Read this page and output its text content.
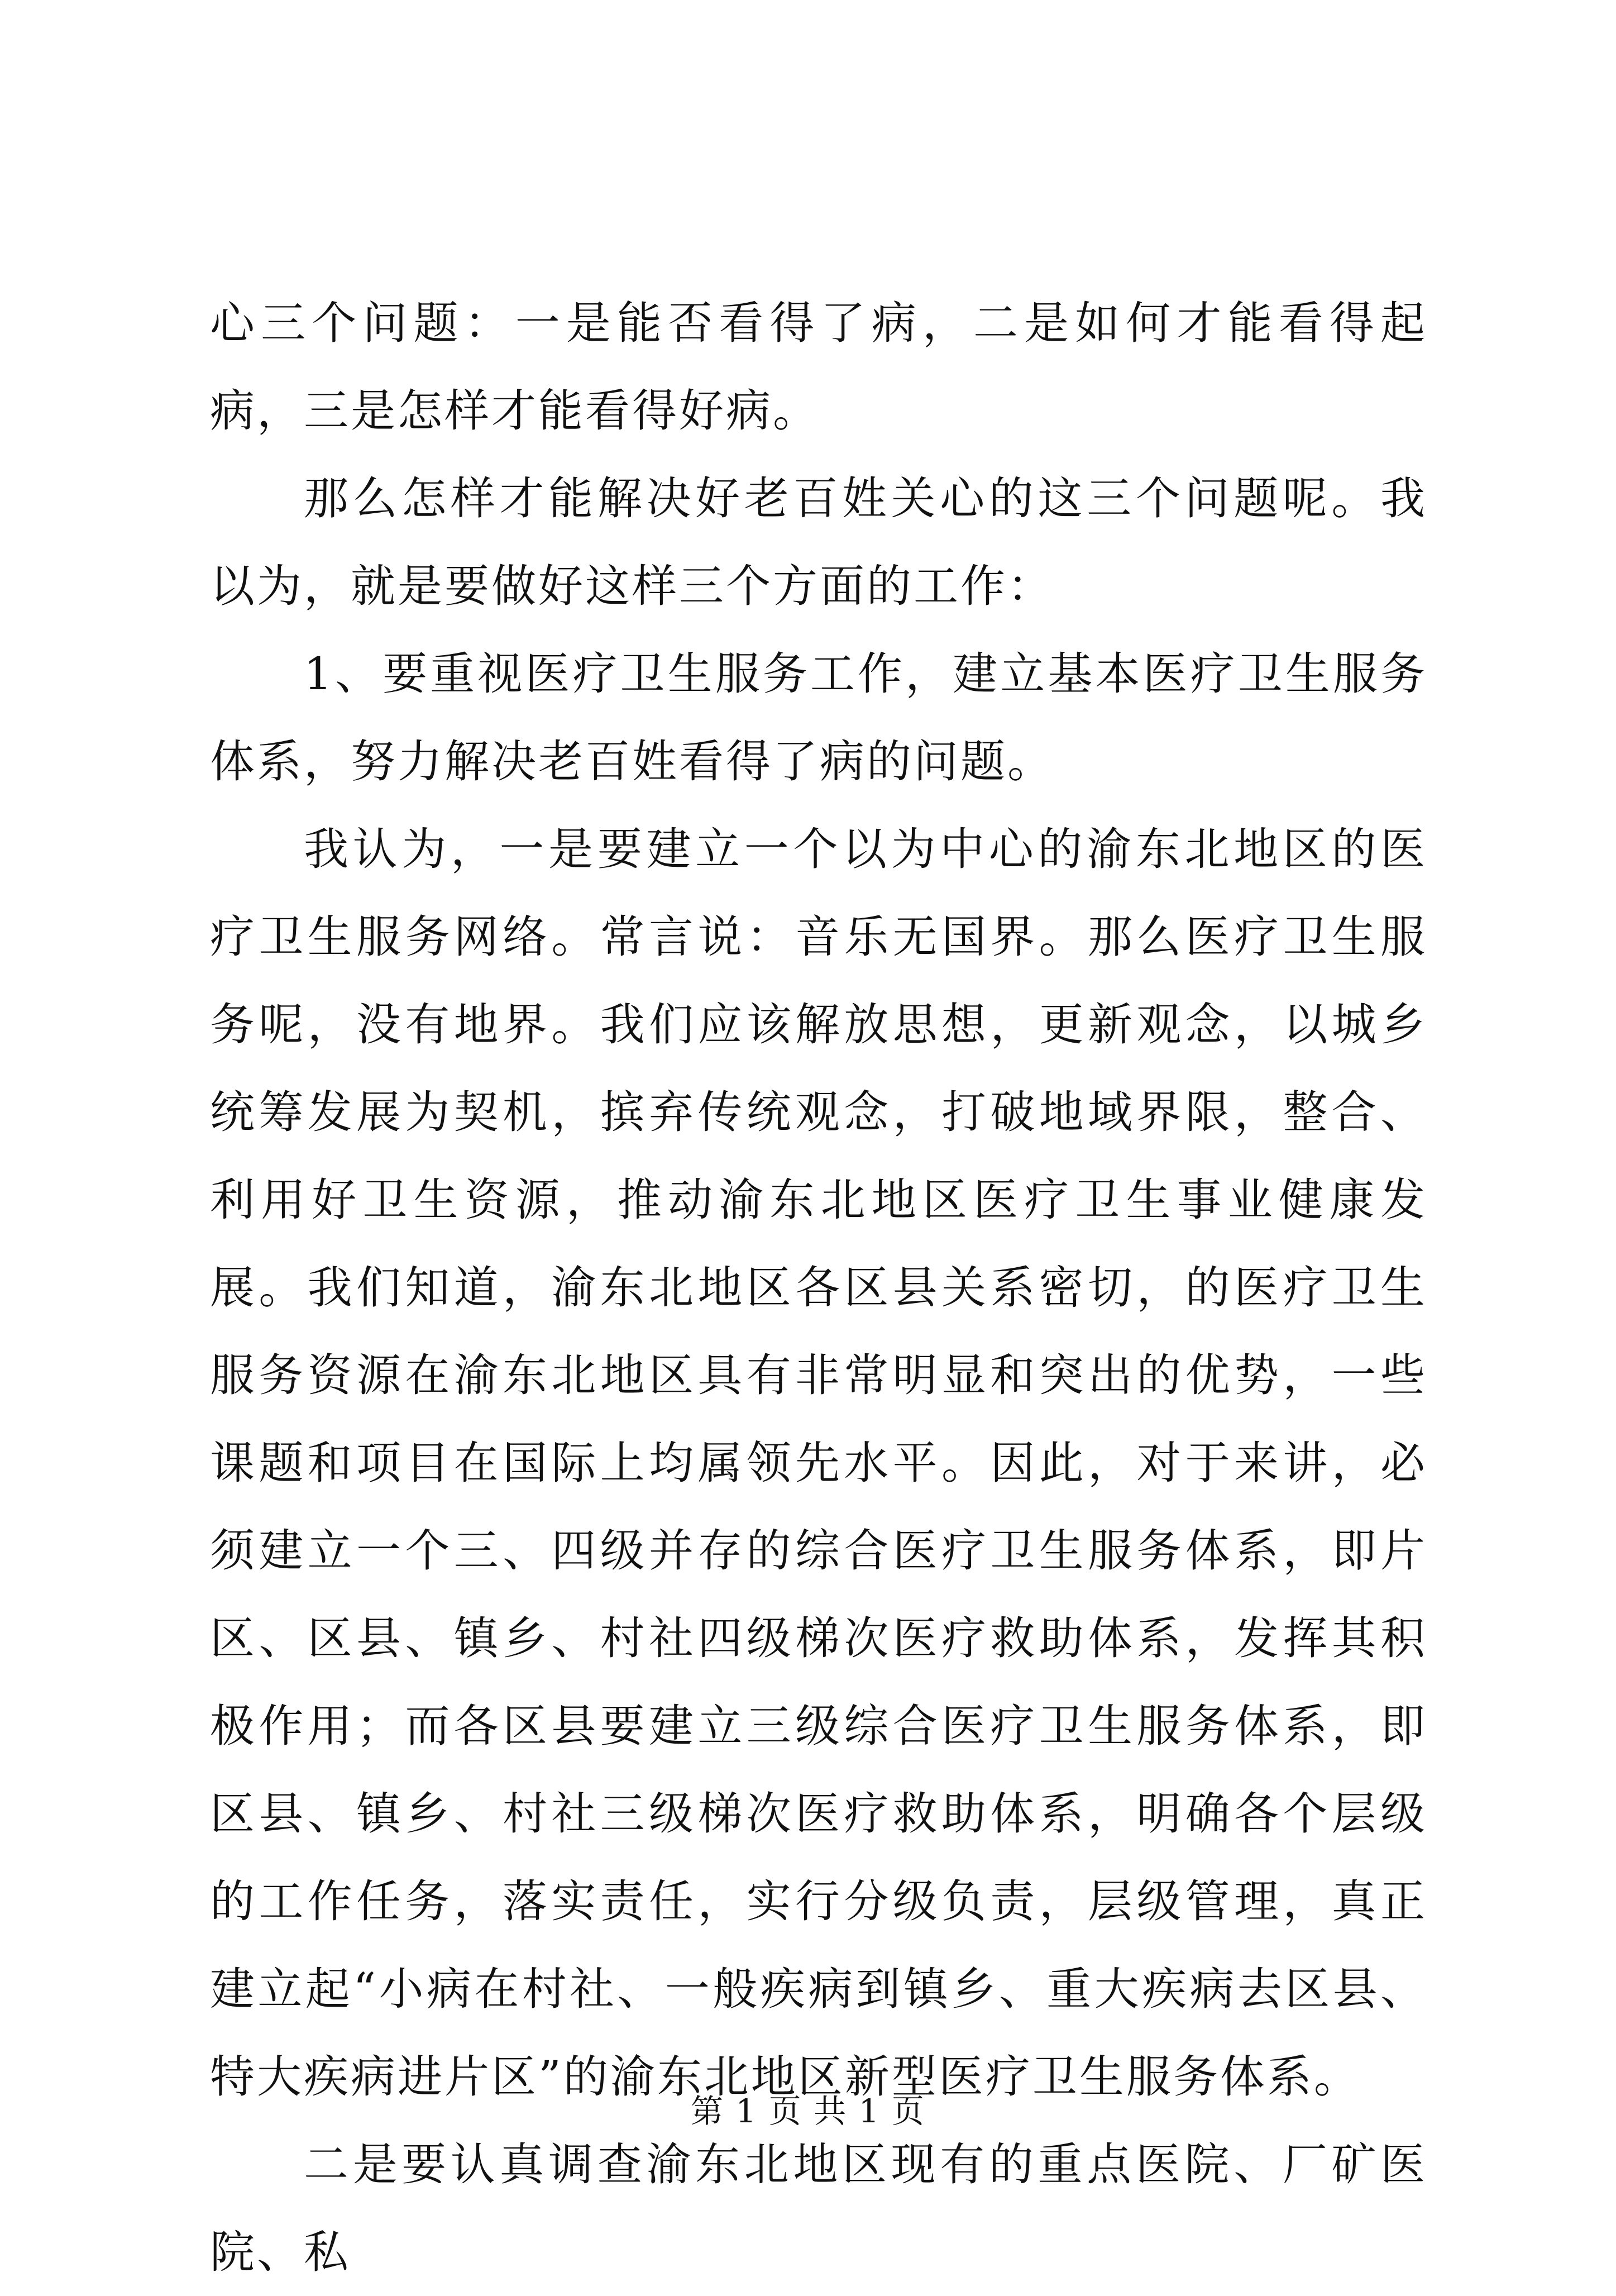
心三个问题：一是能否看得了病，二是如何才能看得起病，三是怎样才能看得好病。

那么怎样才能解决好老百姓关心的这三个问题呢。我以为，就是要做好这样三个方面的工作：

1、要重视医疗卫生服务工作，建立基本医疗卫生服务体系，努力解决老百姓看得了病的问题。

我认为，一是要建立一个以为中心的渝东北地区的医疗卫生服务网络。常言说：音乐无国界。那么医疗卫生服务呢，没有地界。我们应该解放思想，更新观念，以城乡统筹发展为契机，摈弃传统观念，打破地域界限，整合、利用好卫生资源，推动渝东北地区医疗卫生事业健康发展。我们知道，渝东北地区各区县关系密切，的医疗卫生服务资源在渝东北地区具有非常明显和突出的优势，一些课题和项目在国际上均属领先水平。因此，对于来讲，必须建立一个三、四级并存的综合医疗卫生服务体系，即片区、区县、镇乡、村社四级梯次医疗救助体系，发挥其积极作用；而各区县要建立三级综合医疗卫生服务体系，即区县、镇乡、村社三级梯次医疗救助体系，明确各个层级的工作任务，落实责任，实行分级负责，层级管理，真正建立起“小病在村社、一般疾病到镇乡、重大疾病去区县、特大疾病进片区”的渝东北地区新型医疗卫生服务体系。

二是要认真调查渝东北地区现有的重点医院、厂矿医院、私

第 1 页 共 1 页
